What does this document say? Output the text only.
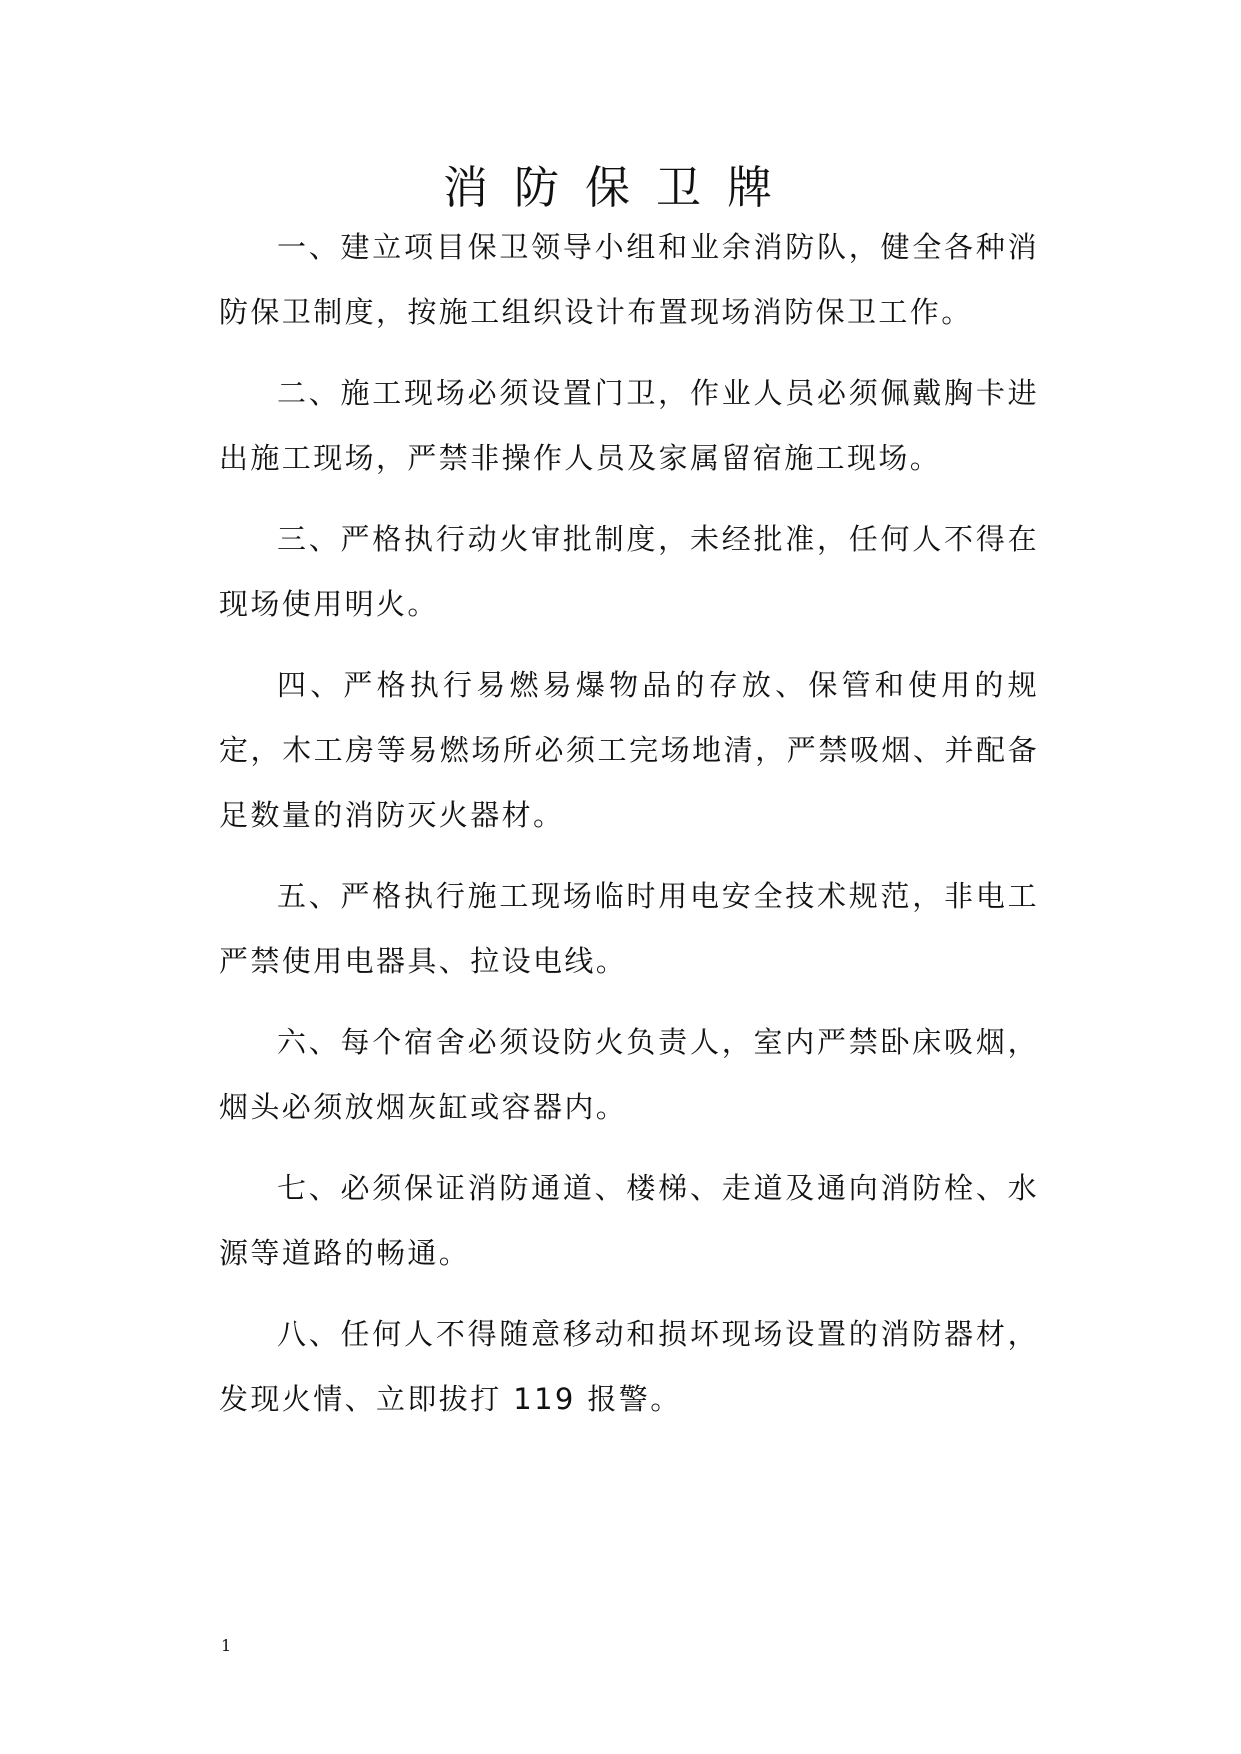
消防保卫牌

一、建立项目保卫领导小组和业余消防队，健全各种消防保卫制度，按施工组织设计布置现场消防保卫工作。

二、施工现场必须设置门卫，作业人员必须佩戴胸卡进出施工现场，严禁非操作人员及家属留宿施工现场。

三、严格执行动火审批制度，未经批准，任何人不得在现场使用明火。

四、严格执行易燃易爆物品的存放、保管和使用的规定，木工房等易燃场所必须工完场地清，严禁吸烟、并配备足数量的消防灭火器材。

五、严格执行施工现场临时用电安全技术规范，非电工严禁使用电器具、拉设电线。

六、每个宿舍必须设防火负责人，室内严禁卧床吸烟，烟头必须放烟灰缸或容器内。

七、必须保证消防通道、楼梯、走道及通向消防栓、水源等道路的畅通。

八、任何人不得随意移动和损坏现场设置的消防器材，发现火情、立即拔打 119 报警。

1
